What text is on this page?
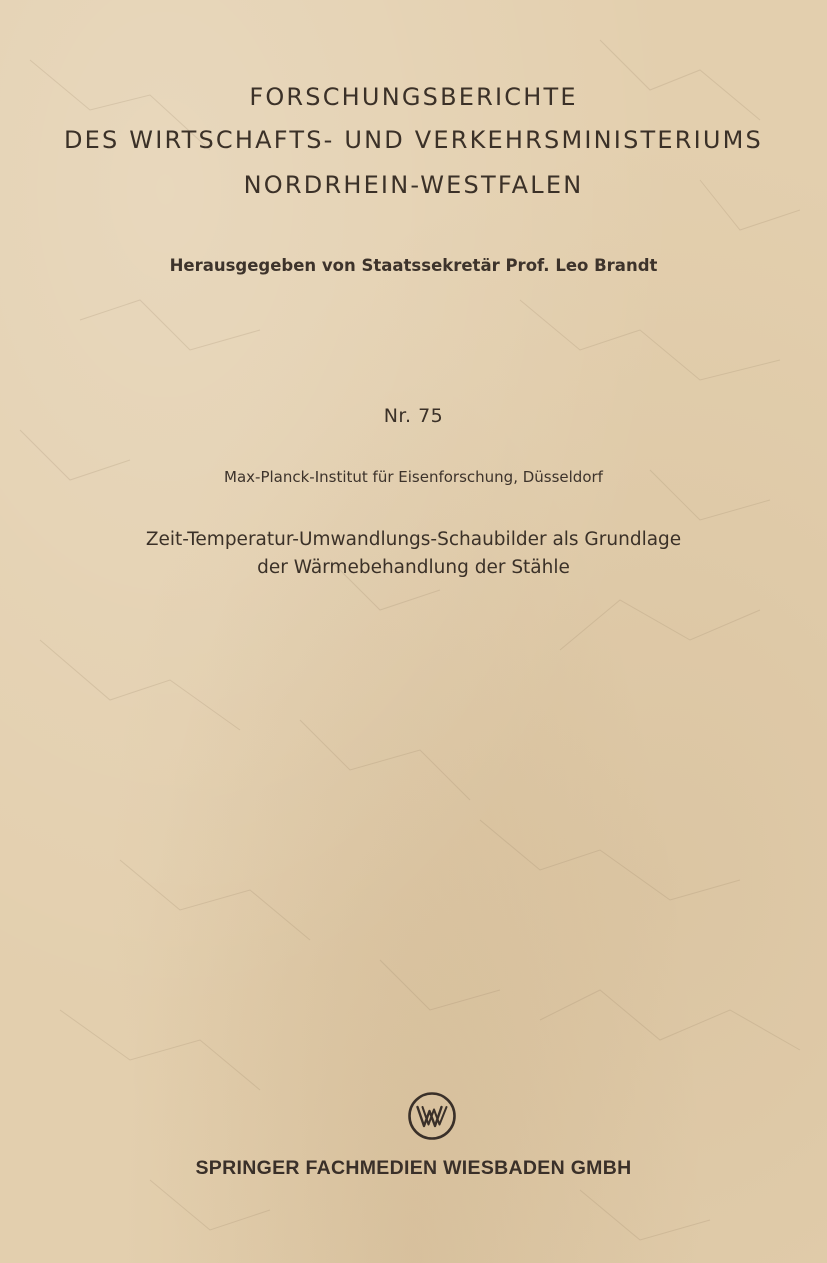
FORSCHUNGSBERICHTE
DES WIRTSCHAFTS- UND VERKEHRSMINISTERIUMS
NORDRHEIN-WESTFALEN
Herausgegeben von Staatssekretär Prof. Leo Brandt
Nr. 75
Max-Planck-Institut für Eisenforschung, Düsseldorf
Zeit-Temperatur-Umwandlungs-Schaubilder als Grundlage
der Wärmebehandlung der Stähle
SPRINGER FACHMEDIEN WIESBADEN GMBH
